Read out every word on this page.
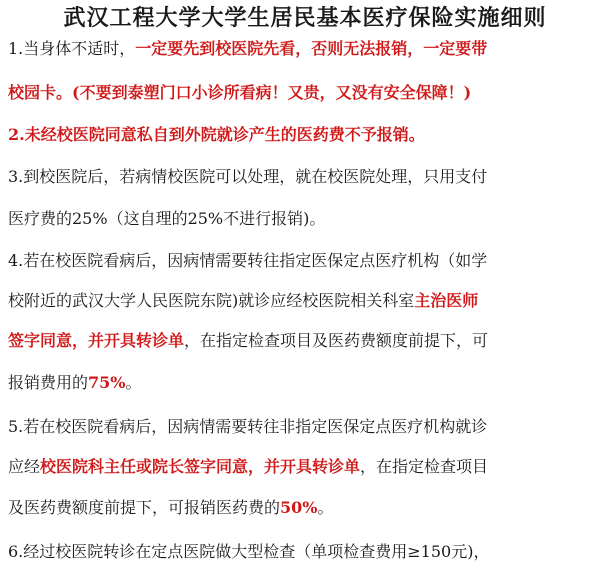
武汉工程大学大学生居民基本医疗保险实施细则
1.当身体不适时，一定要先到校医院先看，否则无法报销，一定要带
校园卡。(不要到泰塑门口小诊所看病！又贵，又没有安全保障！)
2.未经校医院同意私自到外院就诊产生的医药费不予报销。
3.到校医院后，若病情校医院可以处理，就在校医院处理，只用支付
医疗费的25%（这自理的25%不进行报销)。
4.若在校医院看病后，因病情需要转往指定医保定点医疗机构（如学
校附近的武汉大学人民医院东院)就诊应经校医院相关科室主治医师
签字同意，并开具转诊单，在指定检查项目及医药费额度前提下，可
报销费用的75%。
5.若在校医院看病后，因病情需要转往非指定医保定点医疗机构就诊
应经校医院科主任或院长签字同意，并开具转诊单，在指定检查项目
及医药费额度前提下，可报销医药费的50%。
6.经过校医院转诊在定点医院做大型检查（单项检查费用≥150元)，
